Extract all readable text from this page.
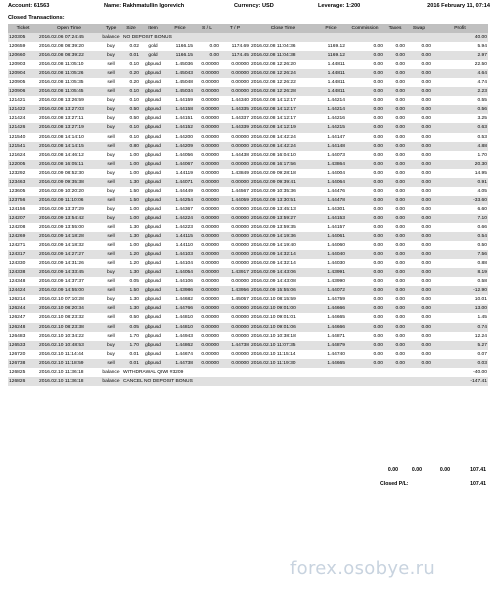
Account: 61563	Name: Rakhmatullin Igorevich	Currency: USD	Leverage: 1:200	2016 February 11, 07:14
Closed Transactions:
Ticket	Open Time	Type	Size	Item	Price	S / L	T / P	Close Time	Price	Commission	Taxes	Swap	Profit
120305	2016.02.06 07:24:45	balance	NO DEPOSIT BONUS										40.00
120659	2016.02.08 08:39:20	buy	0.02	gold	1166.15	0.00	1174.69	2016.02.08 11:04:36	1169.12	0.00	0.00	0.00	5.94
120660	2016.02.08 08:39:22	buy	0.01	gold	1166.15	0.00	1174.45	2016.02.08 11:04:38	1169.12	0.00	0.00	0.00	2.97
120903	2016.02.08 11:05:10	sell	0.10	gbpusd	1.45036	0.00000	0.00000	2016.02.08 12:26:20	1.44811	0.00	0.00	0.00	22.50
120904	2016.02.08 11:05:26	sell	0.20	gbpusd	1.45043	0.00000	0.00000	2016.02.08 12:26:24	1.44811	0.00	0.00	0.00	4.64
120905	2016.02.08 11:05:35	sell	0.20	gbpusd	1.45048	0.00000	0.00000	2016.02.08 12:26:22	1.44811	0.00	0.00	0.00	4.74
120906	2016.02.08 11:05:45	sell	0.10	gbpusd	1.45034	0.00000	0.00000	2016.02.08 12:26:28	1.44811	0.00	0.00	0.00	2.23
121421	2016.02.08 13:26:59	buy	0.10	gbpusd	1.44159	0.00000	1.44340	2016.02.08 14:12:17	1.44214	0.00	0.00	0.00	0.55
121422	2016.02.08 13:27:03	buy	0.50	gbpusd	1.44158	0.00000	1.44335	2016.02.08 14:12:17	1.44214	0.00	0.00	0.00	0.56
121424	2016.02.08 13:27:11	buy	0.50	gbpusd	1.44151	0.00000	1.44337	2016.02.08 14:12:17	1.44216	0.00	0.00	0.00	3.25
121426	2016.02.08 13:27:19	buy	0.10	gbpusd	1.44152	0.00000	1.44339	2016.02.08 14:12:19	1.44215	0.00	0.00	0.00	0.63
121540	2016.02.08 14:14:10	sell	0.10	gbpusd	1.44200	0.00000	0.00000	2016.02.08 14:42:24	1.44147	0.00	0.00	0.00	0.53
121541	2016.02.08 14:14:15	sell	0.80	gbpusd	1.44209	0.00000	0.00000	2016.02.08 14:42:24	1.44148	0.00	0.00	0.00	4.88
121624	2016.02.08 14:46:12	buy	1.00	gbpusd	1.44056	0.00000	1.44438	2016.02.08 16:04:10	1.44073	0.00	0.00	0.00	1.70
122005	2016.02.08 16:05:11	sell	1.00	gbpusd	1.44067	0.00000	0.00000	2016.02.08 16:17:56	1.43864	0.00	0.00	0.00	20.30
123292	2016.02.09 08:52:30	buy	1.00	gbpusd	1.44119	0.00000	1.43849	2016.02.09 09:28:18	1.44004	0.00	0.00	0.00	14.95
123463	2016.02.09 09:35:38	sell	1.30	gbpusd	1.44071	0.00000	0.00000	2016.02.09 09:39:41	1.44064	0.00	0.00	0.00	0.91
123605	2016.02.09 10:20:20	buy	1.50	gbpusd	1.44449	0.00000	1.44567	2016.02.09 10:35:36	1.44476	0.00	0.00	0.00	4.05
123756	2016.02.09 11:10:06	sell	1.50	gbpusd	1.44254	0.00000	1.44059	2016.02.09 13:30:51	1.44478	0.00	0.00	0.00	-33.60
124156	2016.02.09 13:37:29	buy	1.00	gbpusd	1.44367	0.00000	0.00000	2016.02.09 13:45:13	1.44301	0.00	0.00	0.00	6.60
124207	2016.02.09 13:54:42	buy	1.00	gbpusd	1.44224	0.00000	0.00000	2016.02.09 13:59:27	1.44153	0.00	0.00	0.00	7.10
124208	2016.02.09 13:55:00	sell	1.30	gbpusd	1.44223	0.00000	0.00000	2016.02.09 13:59:35	1.44157	0.00	0.00	0.00	0.66
124269	2016.02.09 14:18:28	sell	1.30	gbpusd	1.44115	0.00000	0.00000	2016.02.09 14:19:36	1.44061	0.00	0.00	0.00	0.54
124271	2016.02.09 14:18:32	sell	1.00	gbpusd	1.44110	0.00000	0.00000	2016.02.09 14:19:40	1.44060	0.00	0.00	0.00	0.50
124317	2016.02.09 14:27:27	sell	1.20	gbpusd	1.44103	0.00000	0.00000	2016.02.09 14:32:14	1.44040	0.00	0.00	0.00	7.56
124330	2016.02.09 14:31:26	sell	1.20	gbpusd	1.44104	0.00000	0.00000	2016.02.09 14:32:14	1.44030	0.00	0.00	0.00	0.88
124338	2016.02.09 14:33:45	buy	1.30	gbpusd	1.44054	0.00000	1.43917	2016.02.09 14:43:06	1.43991	0.00	0.00	0.00	8.19
124348	2016.02.09 14:37:37	sell	0.05	gbpusd	1.44106	0.00000	0.00000	2016.02.09 14:43:08	1.43990	0.00	0.00	0.00	0.58
124424	2016.02.09 14:55:00	sell	1.50	gbpusd	1.43986	0.00000	1.43956	2016.02.09 15:55:06	1.44072	0.00	0.00	0.00	-12.90
126214	2016.02.10 07:10:28	buy	1.30	gbpusd	1.44682	0.00000	1.45057	2016.02.10 08:15:59	1.44759	0.00	0.00	0.00	10.01
126244	2016.02.10 08:20:34	sell	1.30	gbpusd	1.44766	0.00000	0.00000	2016.02.10 09:01:00	1.44666	0.00	0.00	0.00	13.00
126247	2016.02.10 08:23:32	sell	0.50	gbpusd	1.44810	0.00000	0.00000	2016.02.10 09:01:01	1.44665	0.00	0.00	0.00	1.45
126248	2016.02.10 08:23:38	sell	0.05	gbpusd	1.44810	0.00000	0.00000	2016.02.10 09:01:06	1.44666	0.00	0.00	0.00	0.74
126483	2016.02.10 10:34:22	sell	1.70	gbpusd	1.44943	0.00000	0.00000	2016.02.10 10:38:18	1.44871	0.00	0.00	0.00	12.24
126533	2016.02.10 10:48:53	buy	1.70	gbpusd	1.44862	0.00000	1.44738	2016.02.10 11:07:35	1.44879	0.00	0.00	0.00	5.27
126720	2016.02.10 11:14:44	buy	0.01	gbpusd	1.44674	0.00000	0.00000	2016.02.10 11:15:14	1.44740	0.00	0.00	0.00	0.07
126738	2016.02.10 11:18:59	sell	0.01	gbpusd	1.44738	0.00000	0.00000	2016.02.10 11:19:30	1.44665	0.00	0.00	0.00	0.03
126825	2016.02.10 11:36:18	balance	WITHDRAWAL QIWI #3209										-40.00
126826	2016.02.10 11:36:18	balance	CANCEL NO DEPOSIT BONUS										-147.41
0.00	0.00	0.00	107.41
Closed P/L:	107.41
forex.osobye.ru
